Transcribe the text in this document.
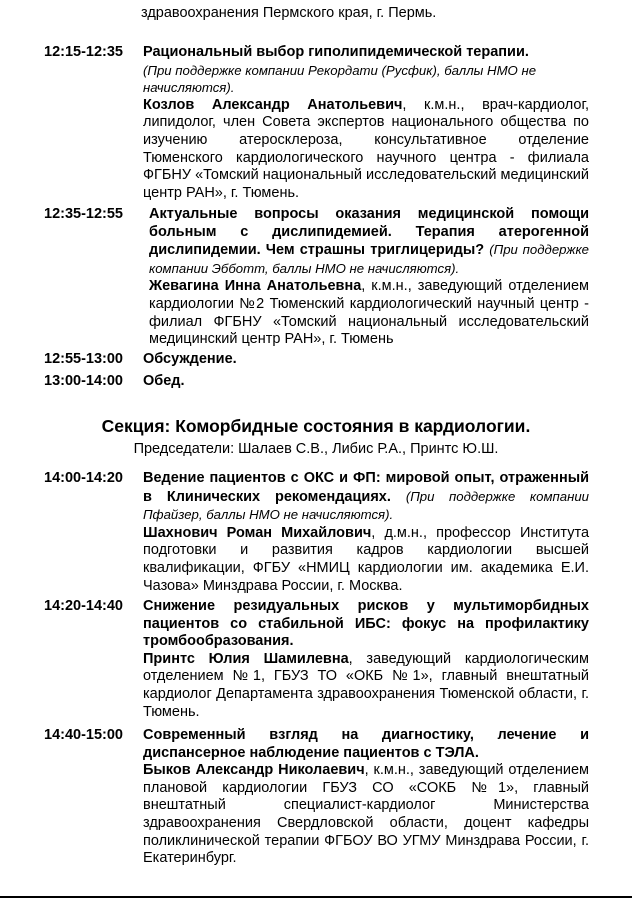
здравоохранения Пермского края, г. Пермь.
12:15-12:35 Рациональный выбор гиполипидемической терапии.
(При поддержке компании Рекордати (Русфик), баллы НМО не начисляются).
Козлов Александр Анатольевич, к.м.н., врач-кардиолог, липидолог, член Совета экспертов национального общества по изучению атеросклероза, консультативное отделение Тюменского кардиологического научного центра - филиала ФГБНУ «Томский национальный исследовательский медицинский центр РАН», г. Тюмень.
12:35-12:55 Актуальные вопросы оказания медицинской помощи больным с дислипидемией. Терапия атерогенной дислипидемии. Чем страшны триглицериды? (При поддержке компании Эбботт, баллы НМО не начисляются).
Жевагина Инна Анатольевна, к.м.н., заведующий отделением кардиологии №2 Тюменский кардиологический научный центр - филиал ФГБНУ «Томский национальный исследовательский медицинский центр РАН», г. Тюмень
12:55-13:00 Обсуждение.
13:00-14:00 Обед.
Секция: Коморбидные состояния в кардиологии.
Председатели: Шалаев С.В., Либис Р.А., Принтс Ю.Ш.
14:00-14:20 Ведение пациентов с ОКС и ФП: мировой опыт, отраженный в Клинических рекомендациях. (При поддержке компании Пфайзер, баллы НМО не начисляются).
Шахнович Роман Михайлович, д.м.н., профессор Института подготовки и развития кадров кардиологии высшей квалификации, ФГБУ «НМИЦ кардиологии им. академика Е.И. Чазова» Минздрава России, г. Москва.
14:20-14:40 Снижение резидуальных рисков у мультиморбидных пациентов со стабильной ИБС: фокус на профилактику тромбообразования.
Принтс Юлия Шамилевна, заведующий кардиологическим отделением №1, ГБУЗ ТО «ОКБ №1», главный внештатный кардиолог Департамента здравоохранения Тюменской области, г. Тюмень.
14:40-15:00 Современный взгляд на диагностику, лечение и диспансерное наблюдение пациентов с ТЭЛА.
Быков Александр Николаевич, к.м.н., заведующий отделением плановой кардиологии ГБУЗ СО «СОКБ №1», главный внештатный специалист-кардиолог Министерства здравоохранения Свердловской области, доцент кафедры поликлинической терапии ФГБОУ ВО УГМУ Минздрава России, г. Екатеринбург.
